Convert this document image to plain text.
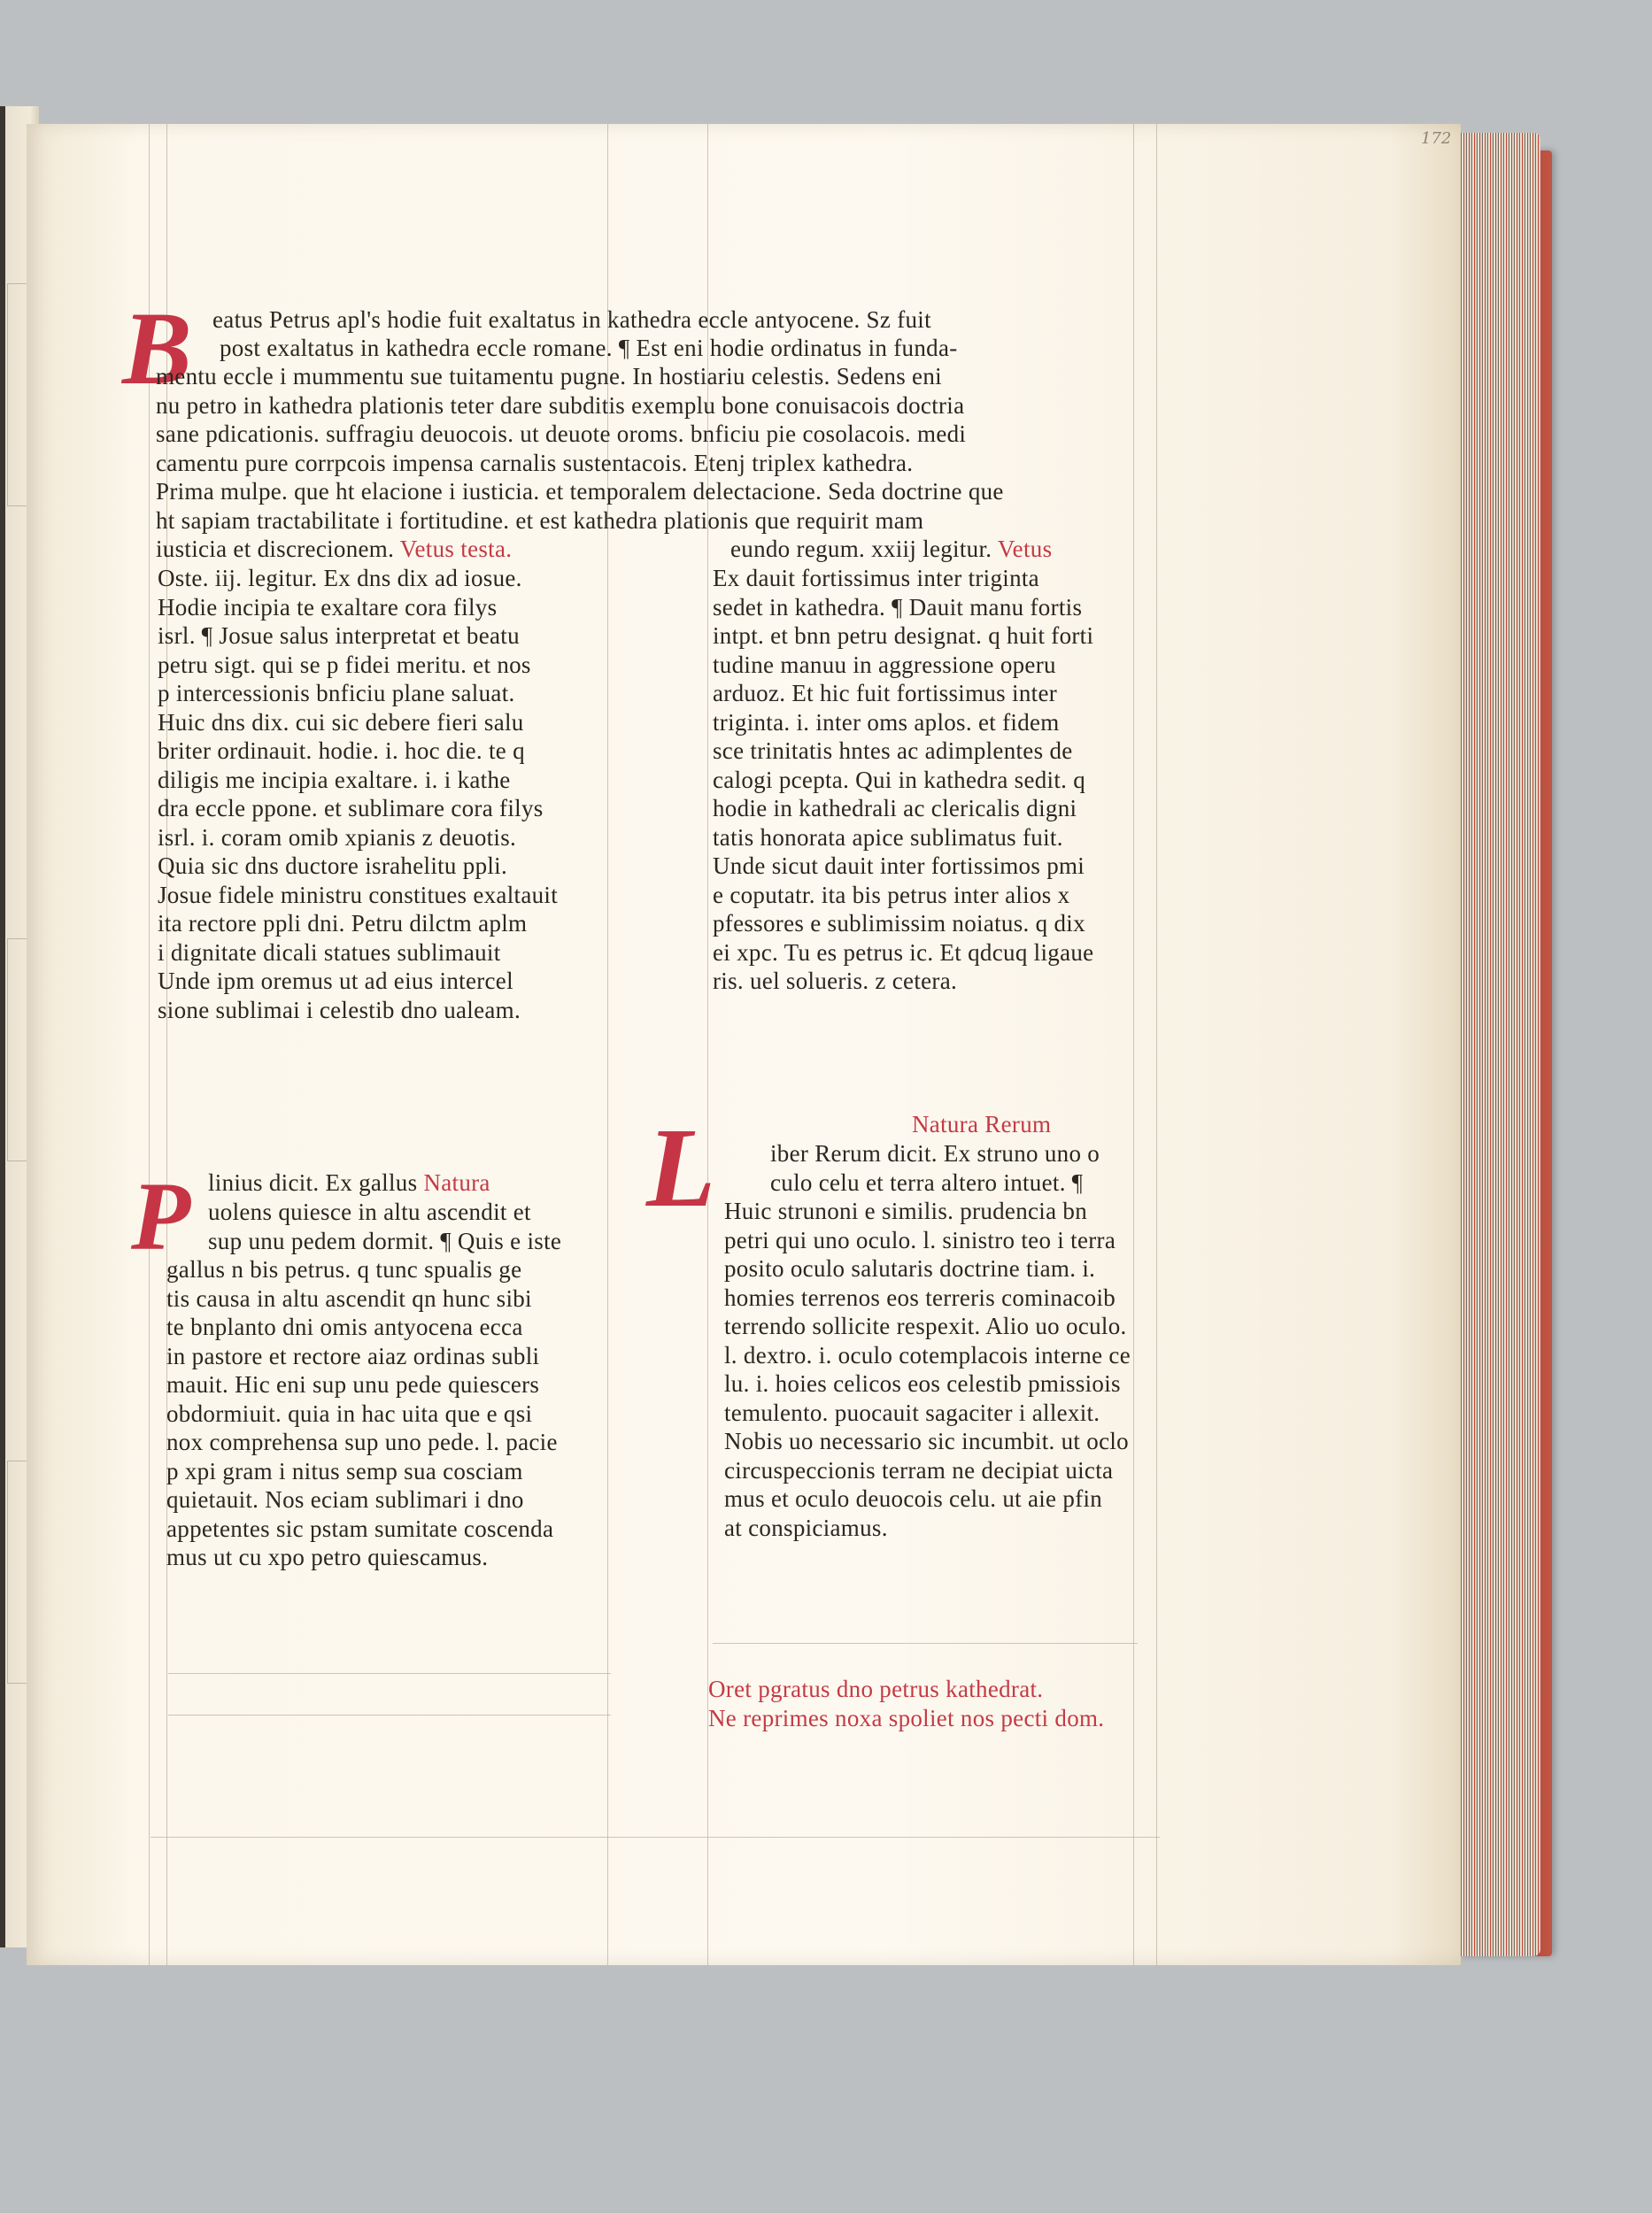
172
B eatus Petrus apl's hodie fuit exaltatus in kathedra eccle antyocene. Sz fuit
post exaltatus in kathedra eccle romane. ¶ Est eni hodie ordinatus in funda-
mentu eccle i mummentu sue tuitamentu pugne. In hostiariu celestis. Sedens eni
nu petro in kathedra plationis teter dare subditis exemplu bone conuisacois doctria
sane pdicationis. suffragiu deuocois. ut deuote oroms. bnficiu pie cosolacois. medi
camentu pure corrpcois impensa carnalis sustentacois. Etenj triplex kathedra.
Prima mulpe. que ht elacione i iusticia. et temporalem delectacione. Seda doctrine que
ht sapiam tractabilitate i fortitudine. et est kathedra plationis que requirit mam
iusticia et discrecionem. Vetus testa.	eundo regum. xxiij legitur. Vetus
Oste. iij. legitur. Ex dns dix ad iosue.
Hodie incipia te exaltare cora filys
isrl. ¶ Josue salus interpretat et beatu
petru sigt. qui se p fidei meritu. et nos
p intercessionis bnficiu plane saluat.
Huic dns dix. cui sic debere fieri salu
briter ordinauit. hodie. i. hoc die. te q
diligis me incipia exaltare. i. i kathe
dra eccle ppone. et sublimare cora filys
isrl. i. coram omib xpianis z deuotis.
Quia sic dns ductore israhelitu ppli.
Josue fidele ministru constitues exaltauit
ita rectore ppli dni. Petru dilctm aplm
i dignitate dicali statues sublimauit
Unde ipm oremus ut ad eius intercel
sione sublimai i celestib dno ualeam.
P linius dicit. Ex gallus Natura
uolens quiesce in altu ascendit et
sup unu pedem dormit. ¶ Quis e iste
gallus n bis petrus. q tunc spualis ge
tis causa in altu ascendit qn hunc sibi
te bnplanto dni omis antyocena ecca
in pastore et rectore aiaz ordinas subli
mauit. Hic eni sup unu pede quiescers
obdormiuit. quia in hac uita que e qsi
nox comprehensa sup uno pede. l. pacie
p xpi gram i nitus semp sua cosciam
quietauit. Nos eciam sublimari i dno
appetentes sic pstam sumitate coscenda
mus ut cu xpo petro quiescamus.
Ex dauit fortissimus inter triginta
sedet in kathedra. ¶ Dauit manu fortis
intpt. et bnn petru designat. q huit forti
tudine manuu in aggressione operu
arduoz. Et hic fuit fortissimus inter
triginta. i. inter oms aplos. et fidem
sce trinitatis hntes ac adimplentes de
calogi pcepta. Qui in kathedra sedit. q
hodie in kathedrali ac clericalis digni
tatis honorata apice sublimatus fuit.
Unde sicut dauit inter fortissimos pmi
e coputatr. ita bis petrus inter alios x
pfessores e sublimissim noiatus. q dix
ei xpc. Tu es petrus ic. Et qdcuq ligaue
ris. uel solueris. z cetera.
Natura Rerum
L iber Rerum dicit. Ex struno uno o
culo celu et terra altero intuet. ¶
Huic strunoni e similis. prudencia bn
petri qui uno oculo. l. sinistro teo i terra
posito oculo salutaris doctrine tiam. i.
homies terrenos eos terreris cominacoib
terrendo sollicite respexit. Alio uo oculo.
l. dextro. i. oculo cotemplacois interne ce
lu. i. hoies celicos eos celestib pmissiois
temulento. puocauit sagaciter i allexit.
Nobis uo necessario sic incumbit. ut oclo
circuspeccionis terram ne decipiat uicta
mus et oculo deuocois celu. ut aie pfin
at conspiciamus.
Oret pgratus dno petrus kathedrat.
Ne reprimes noxa spoliet nos pecti dom.
